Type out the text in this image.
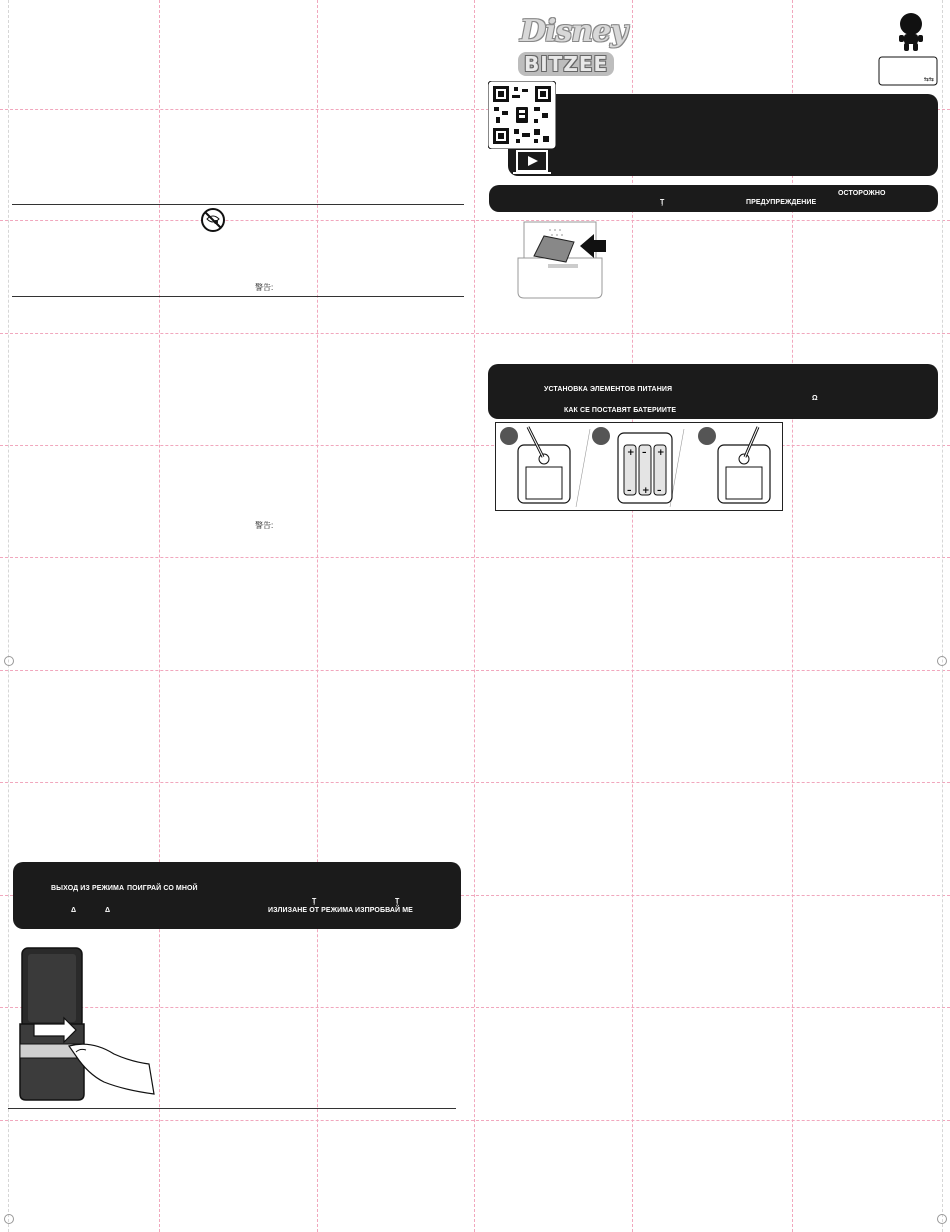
警告:
警告:
ВЫХОД ИЗ РЕЖИМА ПОИГРАЙ СО МНОЙ
Δ	Δ
Ţ	Ţ
ИЗЛИЗАНЕ ОТ РЕЖИМА ИЗПРОБВАЙ МЕ
Disney
BITZEE
⇆⇆
ОСТОРОЖНО
Ţ	ПРЕДУПРЕЖДЕНИЕ
УСТАНОВКА ЭЛЕМЕНТОВ ПИТАНИЯ
Ω
КАК СЕ ПОСТАВЯТ БАТЕРИИТЕ
+
–
–
+
+
–
